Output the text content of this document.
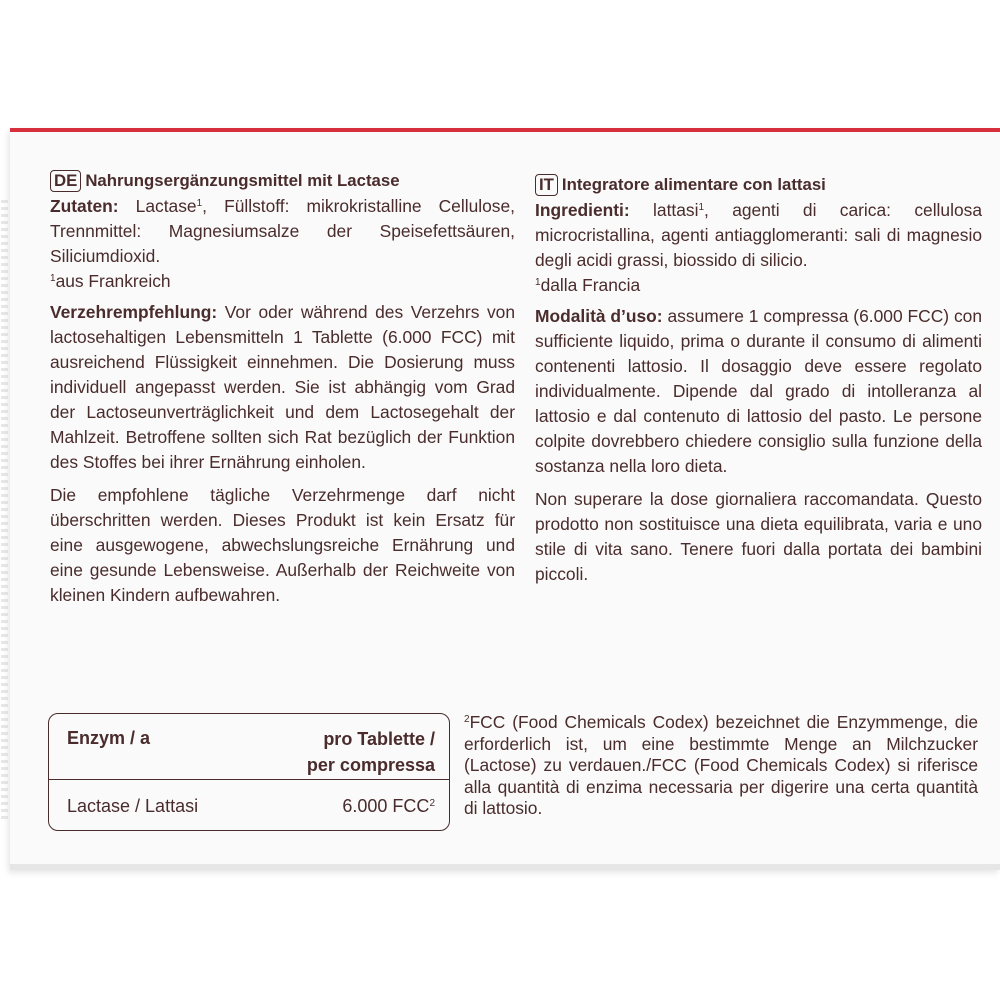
DE Nahrungsergänzungsmittel mit Lactase
Zutaten: Lactase$^1$, Füllstoff: mikrokristalline Cellulose, Trennmittel: Magnesiumsalze der Speisefettsäuren, Siliciumdioxid.
$^1$aus Frankreich
Verzehrempfehlung: Vor oder während des Verzehrs von lactosehaltigen Lebensmitteln 1 Tablette (6.000 FCC) mit ausreichend Flüssigkeit einnehmen. Die Dosierung muss individuell angepasst werden. Sie ist abhängig vom Grad der Lactoseunverträglichkeit und dem Lactosegehalt der Mahlzeit. Betroffene sollten sich Rat bezüglich der Funktion des Stoffes bei ihrer Ernährung einholen.
Die empfohlene tägliche Verzehrmenge darf nicht überschritten werden. Dieses Produkt ist kein Ersatz für eine ausgewogene, abwechslungsreiche Ernährung und eine gesunde Lebensweise. Außerhalb der Reichweite von kleinen Kindern aufbewahren.
IT Integratore alimentare con lattasi
Ingredienti: lattasi$^1$, agenti di carica: cellulosa microcristallina, agenti antiagglomeranti: sali di magnesio degli acidi grassi, biossido di silicio.
$^1$dalla Francia
Modalità d’uso: assumere 1 compressa (6.000 FCC) con sufficiente liquido, prima o durante il consumo di alimenti contenenti lattosio. Il dosaggio deve essere regolato individualmente. Dipende dal grado di intolleranza al lattosio e dal contenuto di lattosio del pasto. Le persone colpite dovrebbero chiedere consiglio sulla funzione della sostanza nella loro dieta.
Non superare la dose giornaliera raccomandata. Questo prodotto non sostituisce una dieta equilibrata, varia e uno stile di vita sano. Tenere fuori dalla portata dei bambini piccoli.
Enzym / a	pro Tablette /
per compressa
Lactase / Lattasi	6.000 FCC$^2$
$^2$FCC (Food Chemicals Codex) bezeichnet die Enzymmenge, die erforderlich ist, um eine bestimmte Menge an Milchzucker (Lactose) zu verdauen./FCC (Food Chemicals Codex) si riferisce alla quantità di enzima necessaria per digerire una certa quantità di lattosio.
